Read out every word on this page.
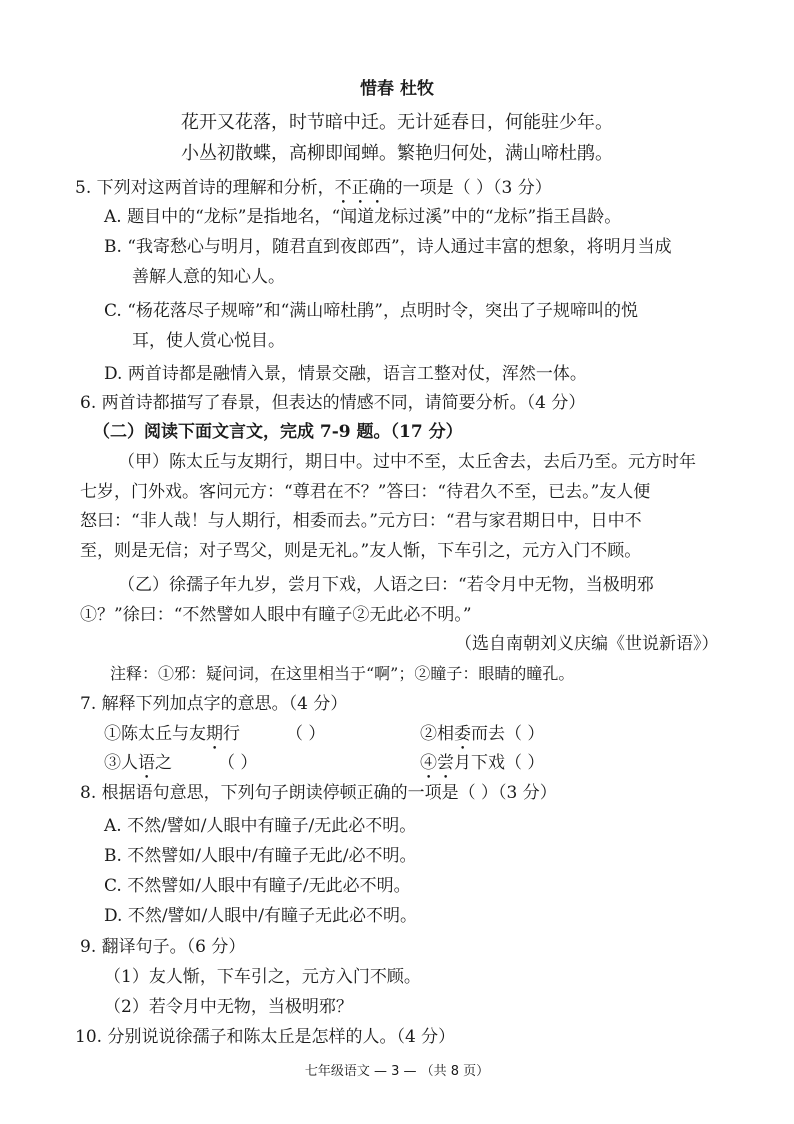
惜春 杜牧
花开又花落，时节暗中迁。无计延春日，何能驻少年。
小丛初散蝶，高柳即闻蝉。繁艳归何处，满山啼杜鹃。
5. 下列对这两首诗的理解和分析，不正确的一项是（ ）（3 分）
A. 题目中的“龙标”是指地名，“闻道龙标过溪”中的“龙标”指王昌龄。
B. “我寄愁心与明月，随君直到夜郎西”，诗人通过丰富的想象，将明月当成
善解人意的知心人。
C. “杨花落尽子规啼”和“满山啼杜鹃”，点明时令，突出了子规啼叫的悦
耳，使人赏心悦目。
D. 两首诗都是融情入景，情景交融，语言工整对仗，浑然一体。
6. 两首诗都描写了春景，但表达的情感不同，请简要分析。（4 分）
（二）阅读下面文言文，完成 7-9 题。（17 分）
（甲）陈太丘与友期行，期日中。过中不至，太丘舍去，去后乃至。元方时年
七岁，门外戏。客问元方：“尊君在不？”答曰：“待君久不至，已去。”友人便
怒曰：“非人哉！与人期行，相委而去。”元方曰：“君与家君期日中，日中不
至，则是无信；对子骂父，则是无礼。”友人惭，下车引之，元方入门不顾。
（乙）徐孺子年九岁，尝月下戏，人语之曰：“若令月中无物，当极明邪
①？”徐曰：“不然譬如人眼中有瞳子②无此必不明。”
（选自南朝刘义庆编《世说新语》）
注释：①邪：疑问词，在这里相当于“啊”；②瞳子：眼睛的瞳孔。
7. 解释下列加点字的意思。（4 分）
①陈太丘与友期行	（ ）	②相委而去（ ）
③人语之	（ ）	④尝月下戏（ ）
8. 根据语句意思，下列句子朗读停顿正确的一项是（ ）（3 分）
A. 不然/譬如/人眼中有瞳子/无此必不明。
B. 不然譬如/人眼中/有瞳子无此/必不明。
C. 不然譬如/人眼中有瞳子/无此必不明。
D. 不然/譬如/人眼中/有瞳子无此必不明。
9. 翻译句子。（6 分）
（1）友人惭，下车引之，元方入门不顾。
（2）若令月中无物，当极明邪？
10. 分别说说徐孺子和陈太丘是怎样的人。（4 分）
七年级语文 — 3 — （共 8 页）
